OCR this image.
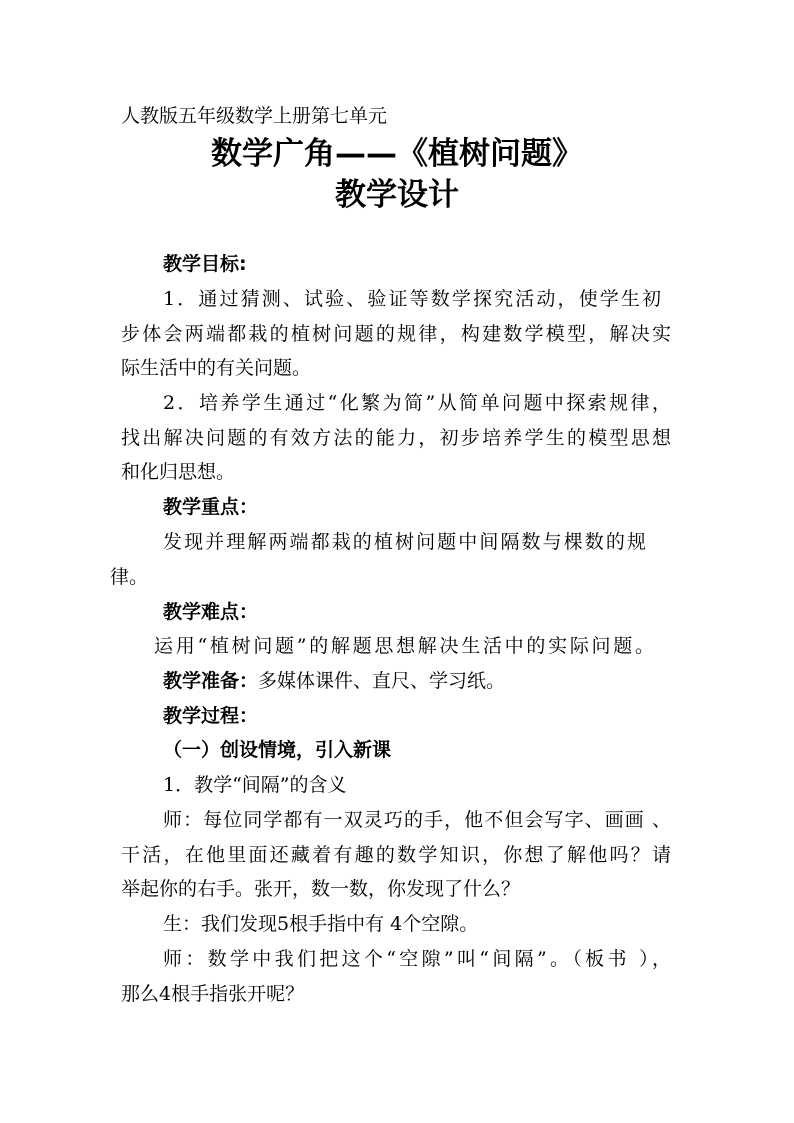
人教版五年级数学上册第七单元
数学广角——《植树问题》
教学设计
教学目标:
1．通过猜测、试验、验证等数学探究活动，使学生初
步体会两端都栽的植树问题的规律，构建数学模型，解决实
际生活中的有关问题。
2．培养学生通过“化繁为简”从简单问题中探索规律，
找出解决问题的有效方法的能力，初步培养学生的模型思想
和化归思想。
教学重点：
发现并理解两端都栽的植树问题中间隔数与棵数的规
律。
教学难点：
运用“植树问题”的解题思想解决生活中的实际问题。
教学准备：多媒体课件、直尺、学习纸。
教学过程：
（一）创设情境，引入新课
1．教学“间隔”的含义
师：每位同学都有一双灵巧的手，他不但会写字、画画 、
干活，在他里面还藏着有趣的数学知识，你想了解他吗？请
举起你的右手。张开，数一数，你发现了什么？
生：我们发现5根手指中有 4个空隙。
师：数学中我们把这个“空隙”叫“间隔”。（板书 ），
那么4根手指张开呢？
